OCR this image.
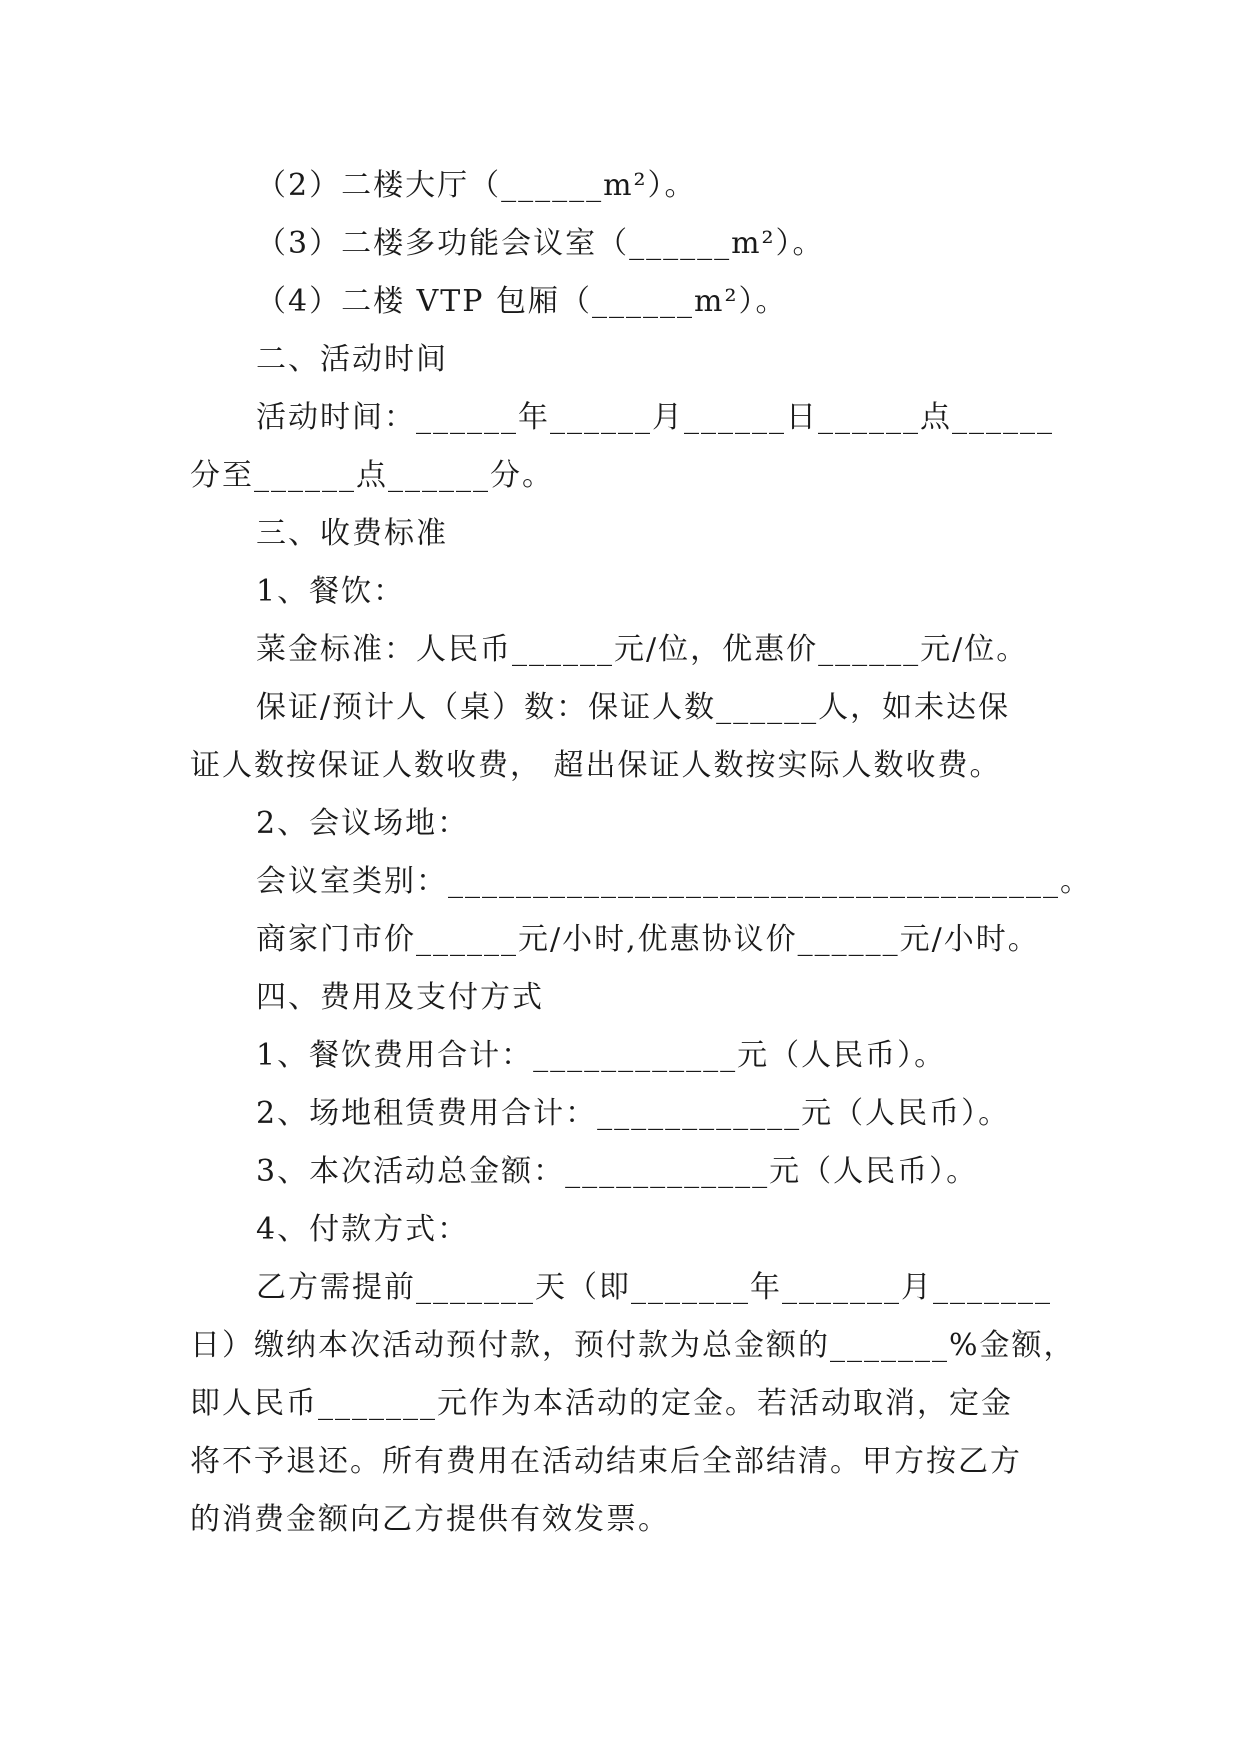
（2）二楼大厅（______m²）。
（3）二楼多功能会议室（______m²）。
（4）二楼 VTP 包厢（______m²）。
二、活动时间
活动时间：______年______月______日______点______
分至______点______分。
三、收费标准
1、餐饮：
菜金标准：人民币______元/位，优惠价______元/位。
保证/预计人（桌）数：保证人数______人，如未达保
证人数按保证人数收费， 超出保证人数按实际人数收费。
2、会议场地：
会议室类别：____________________________________。
商家门市价______元/小时,优惠协议价______元/小时。
四、费用及支付方式
1、餐饮费用合计：____________元（人民币）。
2、场地租赁费用合计：____________元（人民币）。
3、本次活动总金额：____________元（人民币）。
4、付款方式：
乙方需提前_______天（即_______年_______月_______
日）缴纳本次活动预付款，预付款为总金额的_______%金额，
即人民币_______元作为本活动的定金。若活动取消，定金
将不予退还。所有费用在活动结束后全部结清。甲方按乙方
的消费金额向乙方提供有效发票。
